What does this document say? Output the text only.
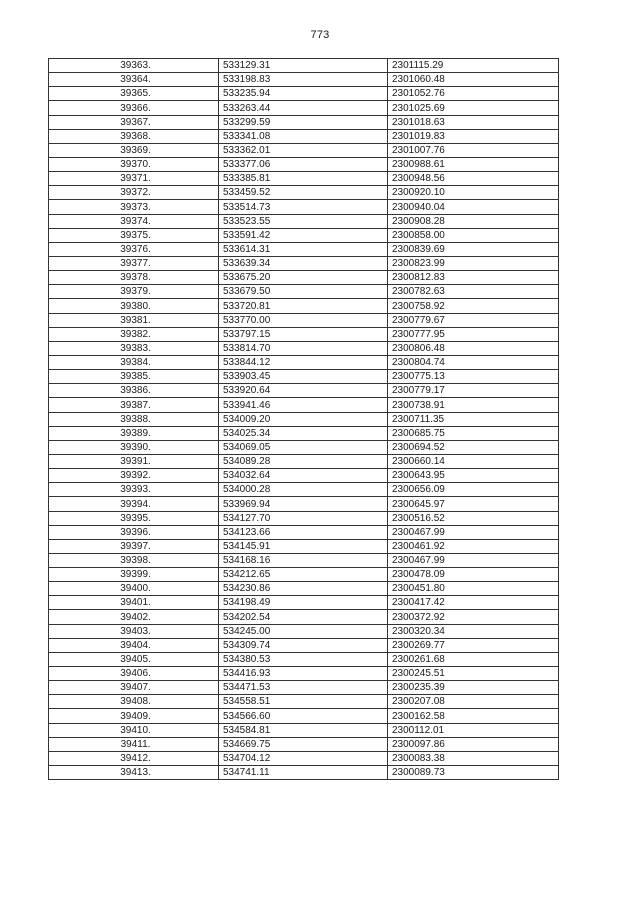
773
39363.	533129.31	2301115.29
39364.	533198.83	2301060.48
39365.	533235.94	2301052.76
39366.	533263.44	2301025.69
39367.	533299.59	2301018.63
39368.	533341.08	2301019.83
39369.	533362.01	2301007.76
39370.	533377.06	2300988.61
39371.	533385.81	2300948.56
39372.	533459.52	2300920.10
39373.	533514.73	2300940.04
39374.	533523.55	2300908.28
39375.	533591.42	2300858.00
39376.	533614.31	2300839.69
39377.	533639.34	2300823.99
39378.	533675.20	2300812.83
39379.	533679.50	2300782.63
39380.	533720.81	2300758.92
39381.	533770.00	2300779.67
39382.	533797.15	2300777.95
39383.	533814.70	2300806.48
39384.	533844.12	2300804.74
39385.	533903.45	2300775.13
39386.	533920.64	2300779.17
39387.	533941.46	2300738.91
39388.	534009.20	2300711.35
39389.	534025.34	2300685.75
39390.	534069.05	2300694.52
39391.	534089.28	2300660.14
39392.	534032.64	2300643.95
39393.	534000.28	2300656.09
39394.	533969.94	2300645.97
39395.	534127.70	2300516.52
39396.	534123.66	2300467.99
39397.	534145.91	2300461.92
39398.	534168.16	2300467.99
39399.	534212.65	2300478.09
39400.	534230.86	2300451.80
39401.	534198.49	2300417.42
39402.	534202.54	2300372.92
39403.	534245.00	2300320.34
39404.	534309.74	2300269.77
39405.	534380.53	2300261.68
39406.	534416.93	2300245.51
39407.	534471.53	2300235.39
39408.	534558.51	2300207.08
39409.	534566.60	2300162.58
39410.	534584.81	2300112.01
39411.	534669.75	2300097.86
39412.	534704.12	2300083.38
39413.	534741.11	2300089.73
